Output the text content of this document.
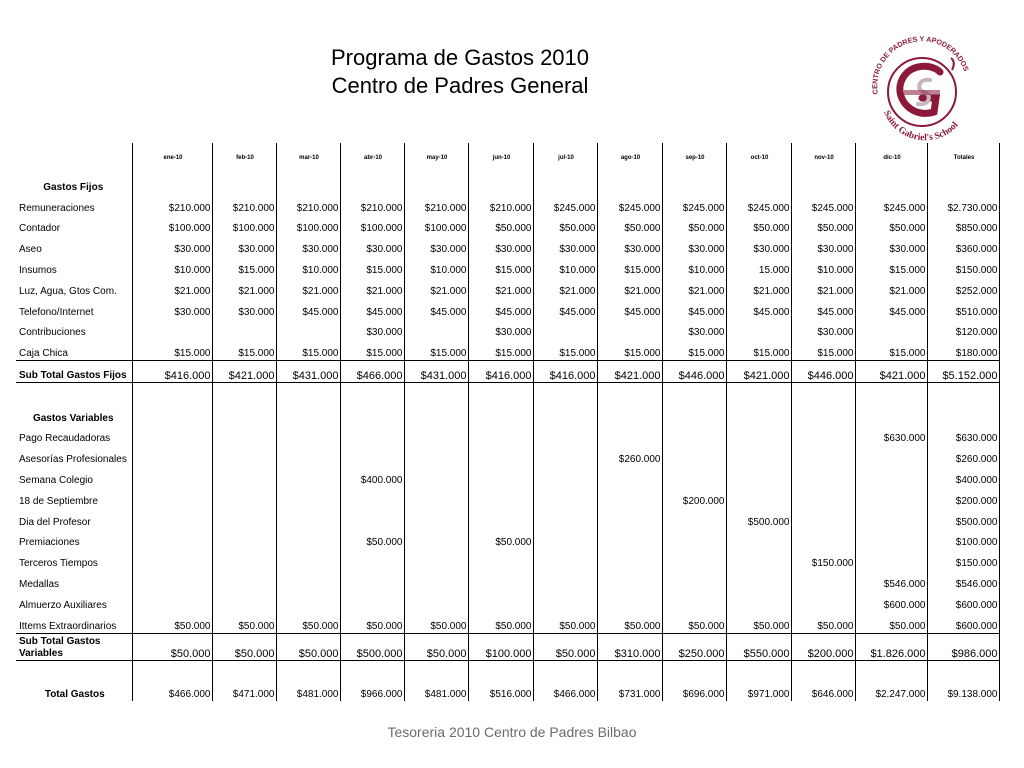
Programa de Gastos 2010
Centro de Padres General	CENTRO DE PADRES Y APODERADOS
Saint Gabriel's School
	ene-10	feb-10	mar-10	abr-10	may-10	jun-10	jul-10	ago-10	sep-10	oct-10	nov-10	dic-10	Totales
Gastos Fijos													
Remuneraciones	$210.000	$210.000	$210.000	$210.000	$210.000	$210.000	$245.000	$245.000	$245.000	$245.000	$245.000	$245.000	$2.730.000
Contador	$100.000	$100.000	$100.000	$100.000	$100.000	$50.000	$50.000	$50.000	$50.000	$50.000	$50.000	$50.000	$850.000
Aseo	$30.000	$30.000	$30.000	$30.000	$30.000	$30.000	$30.000	$30.000	$30.000	$30.000	$30.000	$30.000	$360.000
Insumos	$10.000	$15.000	$10.000	$15.000	$10.000	$15.000	$10.000	$15.000	$10.000	15.000	$10.000	$15.000	$150.000
Luz, Agua, Gtos Com.	$21.000	$21.000	$21.000	$21.000	$21.000	$21.000	$21.000	$21.000	$21.000	$21.000	$21.000	$21.000	$252.000
Telefono/Internet	$30.000	$30.000	$45.000	$45.000	$45.000	$45.000	$45.000	$45.000	$45.000	$45.000	$45.000	$45.000	$510.000
Contribuciones				$30.000		$30.000			$30.000		$30.000		$120.000
Caja Chica	$15.000	$15.000	$15.000	$15.000	$15.000	$15.000	$15.000	$15.000	$15.000	$15.000	$15.000	$15.000	$180.000
Sub Total Gastos Fijos	$416.000	$421.000	$431.000	$466.000	$431.000	$416.000	$416.000	$421.000	$446.000	$421.000	$446.000	$421.000	$5.152.000

Gastos Variables													
Pago Recaudadoras												$630.000	$630.000
Asesorías Profesionales								$260.000					$260.000
Semana Colegio				$400.000									$400.000
18 de Septiembre									$200.000				$200.000
Dia del Profesor										$500.000			$500.000
Premiaciones				$50.000		$50.000							$100.000
Terceros Tiempos											$150.000		$150.000
Medallas												$546.000	$546.000
Almuerzo Auxiliares												$600.000	$600.000
Ittems Extraordinarios	$50.000	$50.000	$50.000	$50.000	$50.000	$50.000	$50.000	$50.000	$50.000	$50.000	$50.000	$50.000	$600.000
Sub Total Gastos Variables	$50.000	$50.000	$50.000	$500.000	$50.000	$100.000	$50.000	$310.000	$250.000	$550.000	$200.000	$1.826.000	$986.000
Total Gastos	$466.000	$471.000	$481.000	$966.000	$481.000	$516.000	$466.000	$731.000	$696.000	$971.000	$646.000	$2.247.000	$9.138.000
Tesoreria 2010 Centro de Padres Bilbao
